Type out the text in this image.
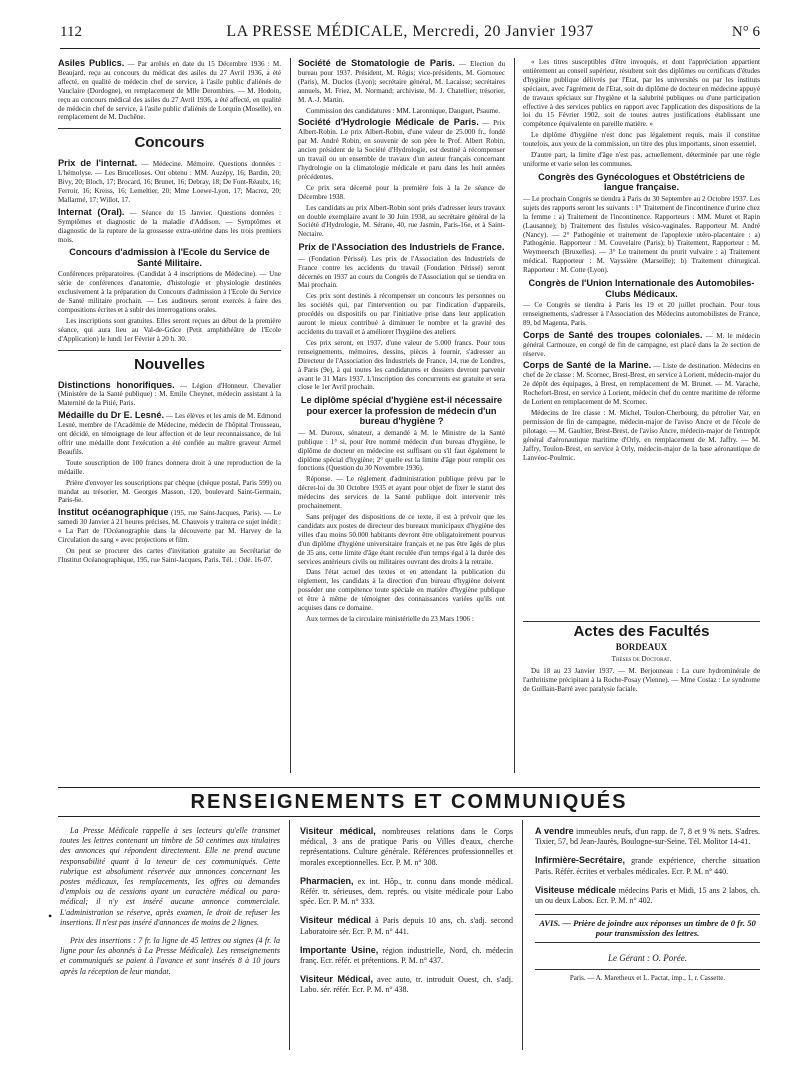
112	LA PRESSE MÉDICALE, Mercredi, 20 Janvier 1937	N° 6

Asiles Publics. — Par arrêtés en date du 15 Décembre 1936 : M. Beaujard, reçu au concours du médicat des asiles du 27 Avril 1936, a été affecté, en qualité de médecin chef de service, à l'asile public d'aliénés de Vauclaire (Dordogne), en remplacement de Mlle Derombies. — M. Hodoin, reçu au concours médical des asiles du 27 Avril 1936, a été affecté, en qualité de médecin chef de service, à l'asile public d'aliénés de Lorquin (Moselle), en remplacement de M. Duchêne.

Concours

Prix de l'internat. — Médecine. Mémoire. Questions données : L'hémolyse. — Les Brucelloses. Ont obtenu : MM. Auzépy, 16; Bardin, 20; Bivy, 20; Bloch, 17; Brocard, 16; Brunet, 16; Debray, 18; De Font-Réaulx, 16; Ferroir, 16; Kreiss, 16; Lemeltier, 20; Mme Loewe-Lyon, 17; Macrez, 20; Mallarmé, 17; Willot, 17.

Internat (Oral). — Séance du 15 Janvier. Questions données : Symptômes et diagnostic de la maladie d'Addison. — Symptômes et diagnostic de la rupture de la grossesse extra-utérine dans les trois premiers mois.

Concours d'admission à l'Ecole du Service de Santé Militaire.

Conférences préparatoires. (Candidat à 4 inscriptions de Médecine). — Une série de conférences d'anatomie, d'histologie et physiologie destinées exclusivement à la préparation du Concours d'admission à l'Ecole du Service de Santé militaire prochain. — Les auditeurs seront exercés à faire des compositions écrites et à subir des interrogations orales.

Les inscriptions sont gratuites. Elles seront reçues au début de la première séance, qui aura lieu au Val-de-Grâce (Petit amphithéâtre de l'Ecole d'Application) le lundi 1er Février à 20 h. 30.

Nouvelles

Distinctions honorifiques. — Légion d'Honneur. Chevalier (Ministère de la Santé publique) : M. Emile Cheynet, médecin assistant à la Maternité de la Pitié, Paris.

Médaille du Dr E. Lesné. — Les élèves et les amis de M. Edmond Lesné, membre de l'Académie de Médecine, médecin de l'hôpital Trousseau, ont décidé, en témoignage de leur affection et de leur reconnaissance, de lui offrir une médaille dont l'exécution a été confiée au maître graveur Armel Beaufils.

Toute souscription de 100 francs donnera droit à une reproduction de la médaille.

Prière d'envoyer les souscriptions par chèque (chèque postal, Paris 599) ou mandat au trésorier, M. Georges Masson, 120, boulevard Saint-Germain, Paris-6e.

Institut océanographique (195, rue Saint-Jacques, Paris). — Le samedi 30 Janvier à 21 heures précises, M. Chauvois y traitera ce sujet inédit : « La Part de l'Océanographie dans la découverte par M. Harvey de la Circulation du sang » avec projections et film.

On peut se procurer des cartes d'invitation gratuite au Secrétariat de l'Institut Océanographique, 195, rue Saint-Jacques, Paris. Tél. : Odé. 16-07.

Société de Stomatologie de Paris. — Election du bureau pour 1937. Président, M. Régis; vice-présidents, M. Gornouec (Paris), M. Duclos (Lyon); secrétaire général, M. Lacaisse; secrétaires annuels, M. Friez, M. Normand; archiviste, M. J. Chatellier; trésorier, M. A.-J. Martin.

Commission des candidatures : MM. Laronnique, Dauguet, Psaume.

Société d'Hydrologie Médicale de Paris. — Prix Albert-Robin. Le prix Albert-Robin, d'une valeur de 25.000 fr., fondé par M. André Robin, en souvenir de son père le Prof. Albert Robin, ancien président de la Société d'Hydrologie, est destiné à récompenser un travail ou un ensemble de travaux d'un auteur français concernant l'hydrologie ou la climatologie médicale et paru dans les huit années précédentes.

Ce prix sera décerné pour la première fois à la 2e séance de Décembre 1938.

Les candidats au prix Albert-Robin sont priés d'adresser leurs travaux en double exemplaire avant le 30 Juin 1938, au secrétaire général de la Société d'Hydrologie, M. Sérane, 40, rue Jasmin, Paris-16e, et à Saint-Nectaire.

Prix de l'Association des Industriels de France.

— (Fondation Périssé). Les prix de l'Association des Industriels de France contre les accidents du travail (Fondation Périssé) seront décernés en 1937 au cours du Congrès de l'Association qui se tiendra en Mai prochain.

Ces prix sont destinés à récompenser un concours les personnes ou les sociétés qui, par l'intervention ou par l'indication d'appareils, procédés ou dispositifs ou par l'initiative prise dans leur application auront le mieux contribué à diminuer le nombre et la gravité des accidents du travail et à améliorer l'hygiène des ateliers.

Ces prix seront, en 1937, d'une valeur de 5.000 francs. Pour tous renseignements, mémoires, dessins, pièces à fournir, s'adresser au Directeur de l'Association des Industriels de France, 14, rue de Londres, à Paris (9e), à qui toutes les candidatures et dossiers devront parvenir avant le 31 Mars 1937. L'inscription des concurrents est gratuite et sera close le 1er Avril prochain.

Le diplôme spécial d'hygiène est-il nécessaire pour exercer la profession de médecin d'un bureau d'hygiène ?

— M. Duroux, sénateur, a demandé à M. le Ministre de la Santé publique : 1° si, pour être nommé médecin d'un bureau d'hygiène, le diplôme de docteur en médecine est suffisant ou s'il faut également le diplôme spécial d'hygiène; 2° quelle est la limite d'âge pour remplir ces fonctions (Question du 30 Novembre 1936).

Réponse. — Le règlement d'administration publique prévu par le décret-loi du 30 Octobre 1935 et ayant pour objet de fixer le statut des médecins des services de la Santé publique doit intervenir très prochainement.

Sans préjuger des dispositions de ce texte, il est à prévoir que les candidats aux postes de directeur des bureaux municipaux d'hygiène des villes d'au moins 50.000 habitants devront être obligatoirement pourvus d'un diplôme d'hygiène universitaire français et ne pas être âgés de plus de 35 ans, cette limite d'âge étant reculée d'un temps égal à la durée des services antérieurs civils ou militaires ouvrant des droits à la retraite.

Dans l'état actuel des textes et en attendant la publication du règlement, les candidats à la direction d'un bureau d'hygiène doivent posséder une compétence toute spéciale en matière d'hygiène publique et être à même de témoigner des connaissances variées qu'ils ont acquises dans ce domaine.

Aux termes de la circulaire ministérielle du 23 Mars 1906 :

« Les titres susceptibles d'être invoqués, et dont l'appréciation appartient entièrement au conseil supérieur, résultent soit des diplômes ou certificats d'études d'hygiène publique délivrés par l'Etat, par les universités ou par les instituts spéciaux, avec l'agrément de l'Etat, soit du diplôme de docteur en médecine appuyé de travaux spéciaux sur l'hygiène et la salubrité publiques ou d'une participation effective à des services publics en rapport avec l'application des dispositions de la loi du 15 Février 1902, soit de toutes autres justifications établissant une compétence équivalente en pareille matière. »

Le diplôme d'hygiène n'est donc pas légalement requis, mais il constitue toutefois, aux yeux de la commission, un titre des plus importants, sinon essentiel.

D'autre part, la limite d'âge n'est pas, actuellement, déterminée par une règle uniforme et varie selon les communes.

Congrès des Gynécologues et Obstétriciens de langue française.

— Le prochain Congrès se tiendra à Paris du 30 Septembre au 2 Octobre 1937. Les sujets des rapports seront les suivants : 1° Traitement de l'incontinence d'urine chez la femme : a) Traitement de l'incontinence. Rapporteurs : MM. Muret et Rapin (Lausanne); b) Traitement des fistules vésico-vaginales. Rapporteur M. André (Nancy). — 2° Pathogénie et traitement de l'apoplexie utéro-placentaire : a) Pathogénie. Rapporteur : M. Couvelaire (Paris); b) Traitement, Rapporteur : M. Weymeersch (Bruxelles). — 3° Le traitement du prurit vulvaire : a) Traitement médical. Rapporteur : M. Vayssière (Marseille); b) Traitement chirurgical. Rapporteur : M. Cotte (Lyon).

Congrès de l'Union Internationale des Automobiles-Clubs Médicaux.

— Ce Congrès se tiendra à Paris les 19 et 20 juillet prochain. Pour tous renseignements, s'adresser à l'Association des Médecins automobilistes de France, 89, bd Magenta, Paris.

Corps de Santé des troupes coloniales. — M. le médecin général Carmouze, en congé de fin de campagne, est placé dans la 2e section de réserve.

Corps de Santé de la Marine. — Liste de destination. Médecins en chef de 2e classe : M. Scornec, Brest-Brest, en service à Lorient, médecin-major du 2e dépôt des équipages, à Brest, en remplacement de M. Brunet. — M. Varache, Rochefort-Brest, en service à Lorient, médecin chef du centre maritime de réforme de Lorient en remplacement de M. Scornec.

Médecins de 1re classe : M. Michel, Toulon-Cherbourg, du pétrolier Var, en permission de fin de campagne, médecin-major de l'aviso Ancre et de l'école de pilotage. — M. Gaultier, Brest-Brest, de l'aviso Ancre, médecin-major de l'entrepôt général d'aéronautique maritime d'Orly, en remplacement de M. Jaffry. — M. Jaffry, Toulon-Brest, en service à Orly, médecin-major de la base aéronautique de Lanvéoc-Poulmic.

Actes des Facultés
BORDEAUX
Thèses de Doctorat.

Du 18 au 23 Janvier 1937. — M. Berjonneau : La cure hydrominérale de l'arthritisme précipitant à la Roche-Posay (Vienne). — Mme Costaz : Le syndrome de Guillain-Barré avec paralysie faciale.

RENSEIGNEMENTS ET COMMUNIQUÉS
•

La Presse Médicale rappelle à ses lecteurs qu'elle transmet toutes les lettres contenant un timbre de 50 centimes aux titulaires des annonces qui répondent directement. Elle ne prend aucune responsabilité quant à la teneur de ces communiqués. Cette rubrique est absolument réservée aux annonces concernant les postes médicaux, les remplacements, les offres ou demandes d'emplois ou de cessions ayant un caractère médical ou para-médical; il n'y est inséré aucune annonce commerciale. L'administration se réserve, après examen, le droit de refuser les insertions. Il n'est pas inséré d'annonces de moins de 2 lignes.

Prix des insertions : 7 fr. la ligne de 45 lettres ou signes (4 fr. la ligne pour les abonnés à La Presse Médicale). Les renseignements et communiqués se paient à l'avance et sont insérés 8 à 10 jours après la réception de leur mandat.

Visiteur médical, nombreuses relations dans le Corps médical, 3 ans de pratique Paris ou Villes d'eaux, cherche représentations. Culture générale. Références professionnelles et morales exceptionnelles. Ecr. P. M. n° 308.

Pharmacien, ex int. Hôp., tr. connu dans monde médical. Référ. tr. sérieuses, dem. représ. ou visite médicale pour Labo spéc. Ecr. P. M. n° 333.

Visiteur médical à Paris depuis 10 ans, ch. s'adj. second Laboratoire sér. Ecr. P. M. n° 441.

Importante Usine, région industrielle, Nord, ch. médecin franç. Ecr. référ. et prétentions. P. M. n° 437.

Visiteur Médical, avec auto, tr. introduit Ouest, ch. s'adj. Labo. sér. référ. Ecr. P. M. n° 438.

A vendre immeubles neufs, d'un rapp. de 7, 8 et 9 % nets. S'adres. Tixier, 57, bd Jean-Jaurès, Boulogne-sur-Seine. Tél. Molitor 14-41.

Infirmière-Secrétaire, grande expérience, cherche situation Paris. Référ. écrites et verbales médicales. Ecr. P. M. n° 440.

Visiteuse médicale médecins Paris et Midi, 15 ans 2 labos, ch. un ou deux Labos. Ecr. P. M. n° 402.

AVIS. — Prière de joindre aux réponses un timbre de 0 fr. 50 pour transmission des lettres.
Le Gérant : O. Porée.
Paris. — A. Maretheux et L. Pactat, imp., 1, r. Cassette.
